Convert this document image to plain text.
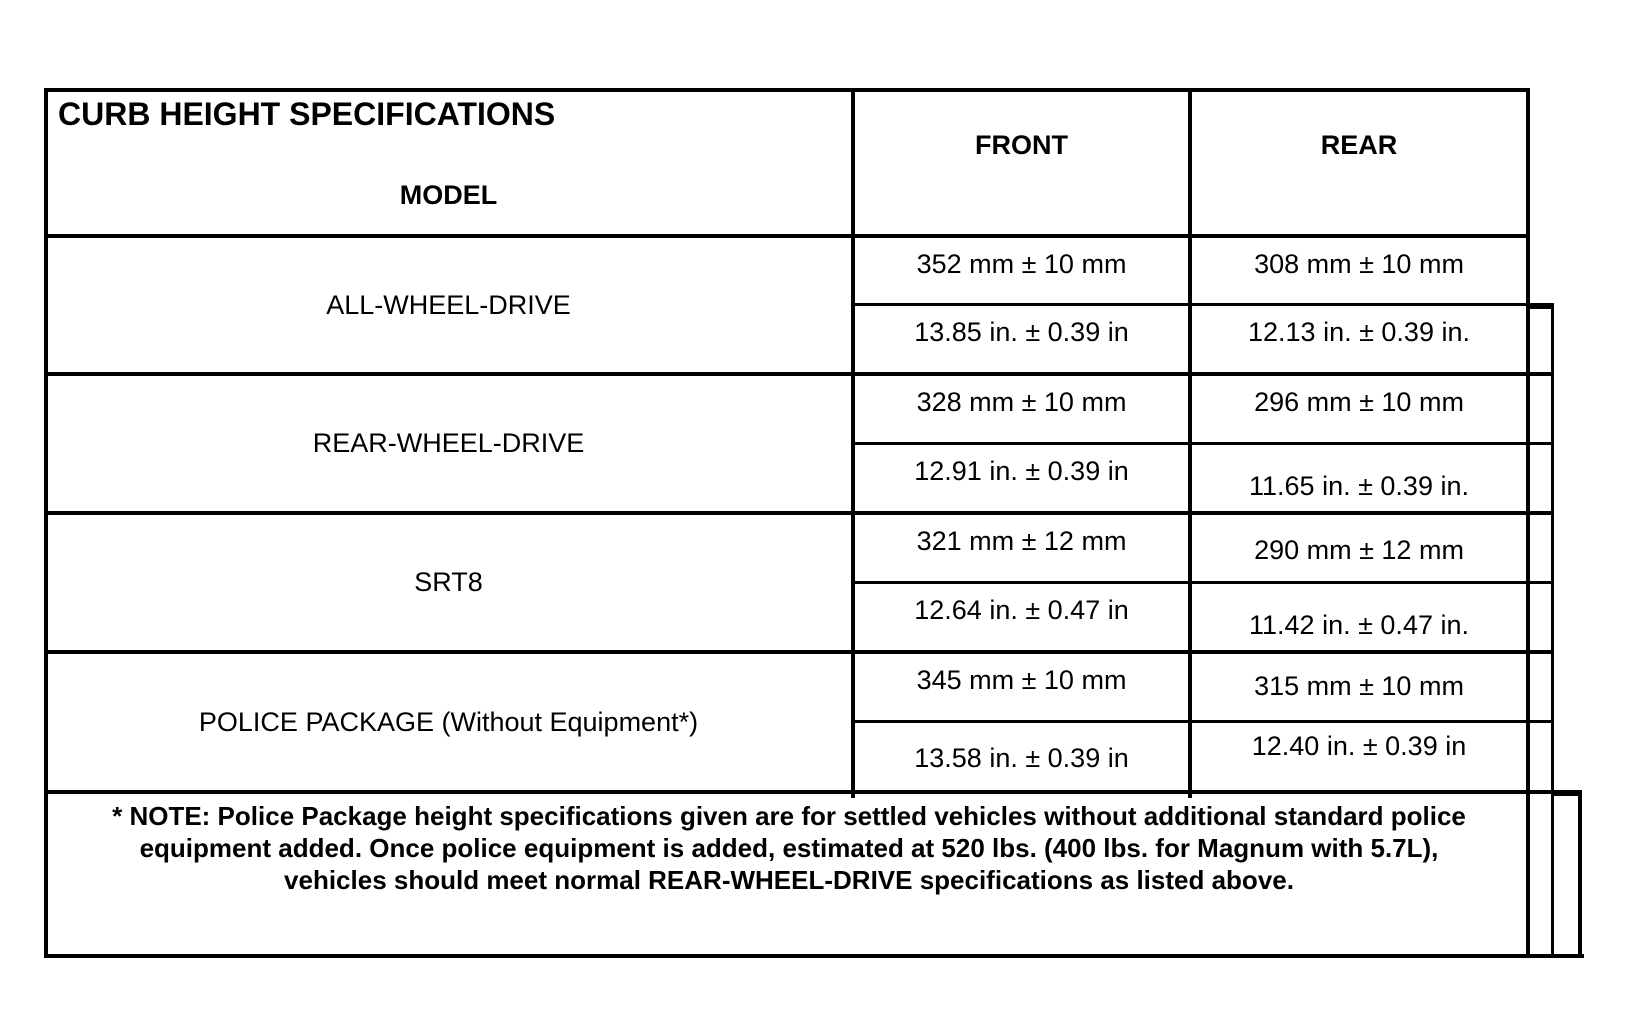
CURB HEIGHT SPECIFICATIONS
MODEL
FRONT	REAR
ALL-WHEEL-DRIVE
352 mm ± 10 mm	308 mm ± 10 mm
13.85 in. ± 0.39 in	12.13 in. ± 0.39 in.
REAR-WHEEL-DRIVE
328 mm ± 10 mm	296 mm ± 10 mm
12.91 in. ± 0.39 in	11.65 in. ± 0.39 in.
SRT8
321 mm ± 12 mm	290 mm ± 12 mm
12.64 in. ± 0.47 in	11.42 in. ± 0.47 in.
POLICE PACKAGE (Without Equipment*)
345 mm ± 10 mm	315 mm ± 10 mm
13.58 in. ± 0.39 in	12.40 in. ± 0.39 in
* NOTE: Police Package height specifications given are for settled vehicles without additional standard police
equipment added. Once police equipment is added, estimated at 520 lbs. (400 lbs. for Magnum with 5.7L),
vehicles should meet normal REAR-WHEEL-DRIVE specifications as listed above.
